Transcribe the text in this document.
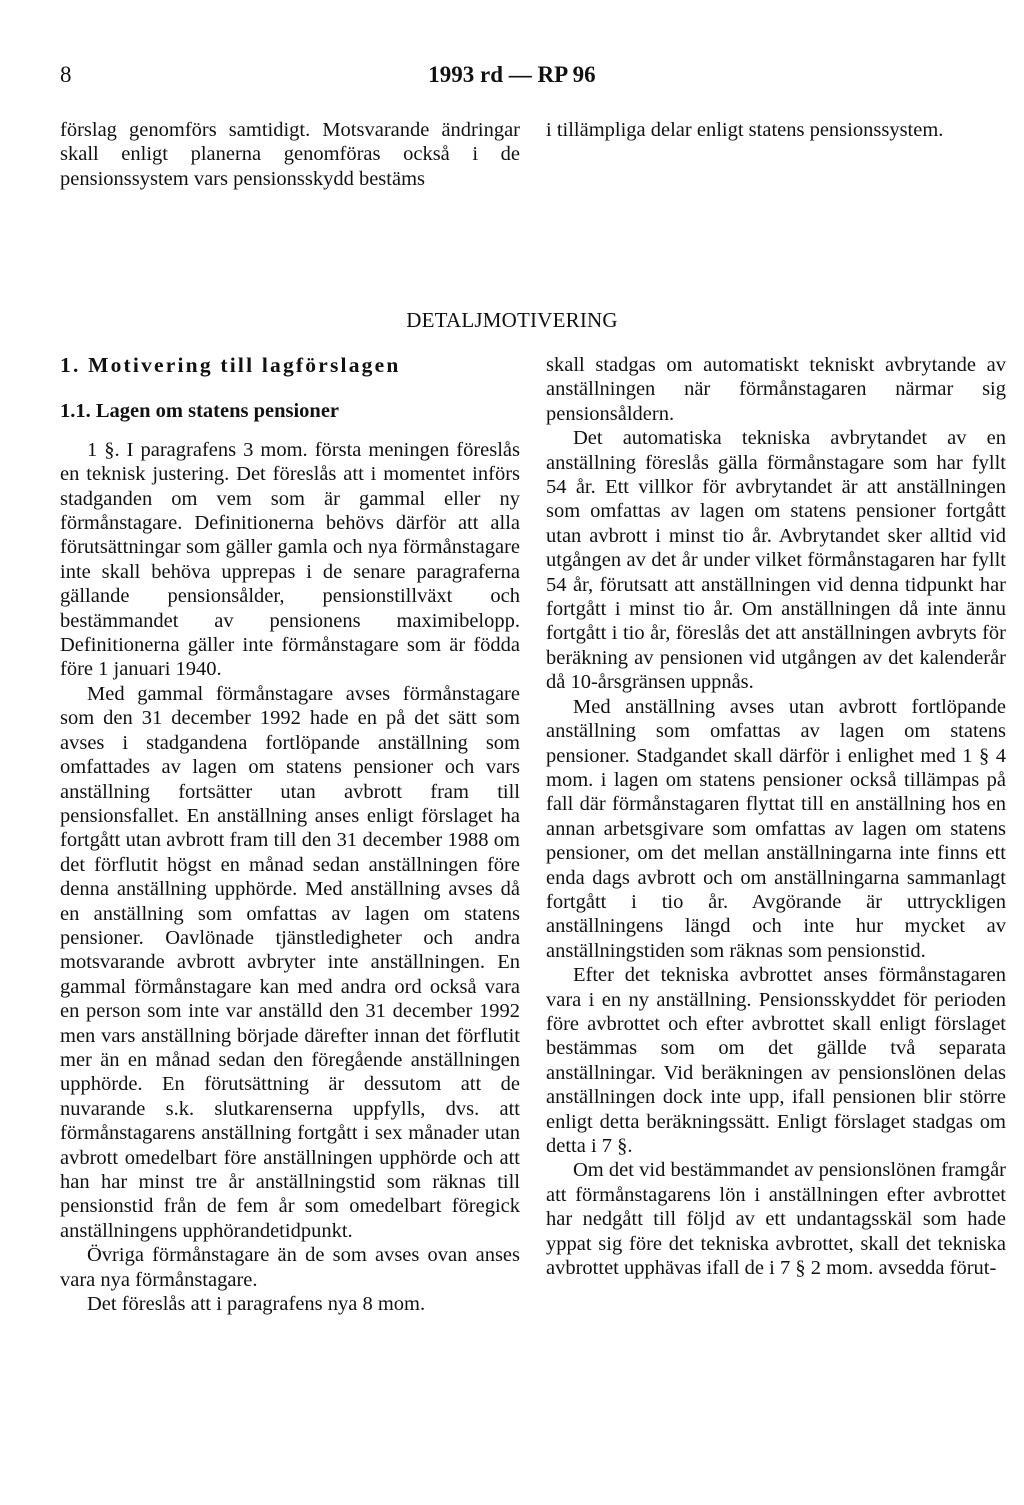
8	1993 rd — RP 96

förslag genomförs samtidigt. Motsvarande ändringar skall enligt planerna genomföras också i de pensionssystem vars pensionsskydd bestäms

i tillämpliga delar enligt statens pensionssystem.

DETALJMOTIVERING
1. Motivering till lagförslagen
1.1. Lagen om statens pensioner

1 §. I paragrafens 3 mom. första meningen föreslås en teknisk justering. Det föreslås att i momentet införs stadganden om vem som är gammal eller ny förmånstagare. Definitionerna behövs därför att alla förutsättningar som gäller gamla och nya förmånstagare inte skall behöva upprepas i de senare paragraferna gällande pensionsålder, pensionstillväxt och bestämmandet av pensionens maximibelopp. Definitionerna gäller inte förmånstagare som är födda före 1 januari 1940.

Med gammal förmånstagare avses förmånstagare som den 31 december 1992 hade en på det sätt som avses i stadgandena fortlöpande anställning som omfattades av lagen om statens pensioner och vars anställning fortsätter utan avbrott fram till pensionsfallet. En anställning anses enligt förslaget ha fortgått utan avbrott fram till den 31 december 1988 om det förflutit högst en månad sedan anställningen före denna anställning upphörde. Med anställning avses då en anställning som omfattas av lagen om statens pensioner. Oavlönade tjänstledigheter och andra motsvarande avbrott avbryter inte anställningen. En gammal förmånstagare kan med andra ord också vara en person som inte var anställd den 31 december 1992 men vars anställning började därefter innan det förflutit mer än en månad sedan den föregående anställningen upphörde. En förutsättning är dessutom att de nuvarande s.k. slutkarenserna uppfylls, dvs. att förmånstagarens anställning fortgått i sex månader utan avbrott omedelbart före anställningen upphörde och att han har minst tre år anställningstid som räknas till pensionstid från de fem år som omedelbart föregick anställningens upphörandetidpunkt.

Övriga förmånstagare än de som avses ovan anses vara nya förmånstagare.

Det föreslås att i paragrafens nya 8 mom.

skall stadgas om automatiskt tekniskt avbrytande av anställningen när förmånstagaren närmar sig pensionsåldern.

Det automatiska tekniska avbrytandet av en anställning föreslås gälla förmånstagare som har fyllt 54 år. Ett villkor för avbrytandet är att anställningen som omfattas av lagen om statens pensioner fortgått utan avbrott i minst tio år. Avbrytandet sker alltid vid utgången av det år under vilket förmånstagaren har fyllt 54 år, förutsatt att anställningen vid denna tidpunkt har fortgått i minst tio år. Om anställningen då inte ännu fortgått i tio år, föreslås det att anställningen avbryts för beräkning av pensionen vid utgången av det kalenderår då 10-årsgränsen uppnås.

Med anställning avses utan avbrott fortlöpande anställning som omfattas av lagen om statens pensioner. Stadgandet skall därför i enlighet med 1 § 4 mom. i lagen om statens pensioner också tillämpas på fall där förmånstagaren flyttat till en anställning hos en annan arbetsgivare som omfattas av lagen om statens pensioner, om det mellan anställningarna inte finns ett enda dags avbrott och om anställningarna sammanlagt fortgått i tio år. Avgörande är uttryckligen anställningens längd och inte hur mycket av anställningstiden som räknas som pensionstid.

Efter det tekniska avbrottet anses förmånstagaren vara i en ny anställning. Pensionsskyddet för perioden före avbrottet och efter avbrottet skall enligt förslaget bestämmas som om det gällde två separata anställningar. Vid beräkningen av pensionslönen delas anställningen dock inte upp, ifall pensionen blir större enligt detta beräkningssätt. Enligt förslaget stadgas om detta i 7 §.

Om det vid bestämmandet av pensionslönen framgår att förmånstagarens lön i anställningen efter avbrottet har nedgått till följd av ett undantagsskäl som hade yppat sig före det tekniska avbrottet, skall det tekniska avbrottet upphävas ifall de i 7 § 2 mom. avsedda förut-
